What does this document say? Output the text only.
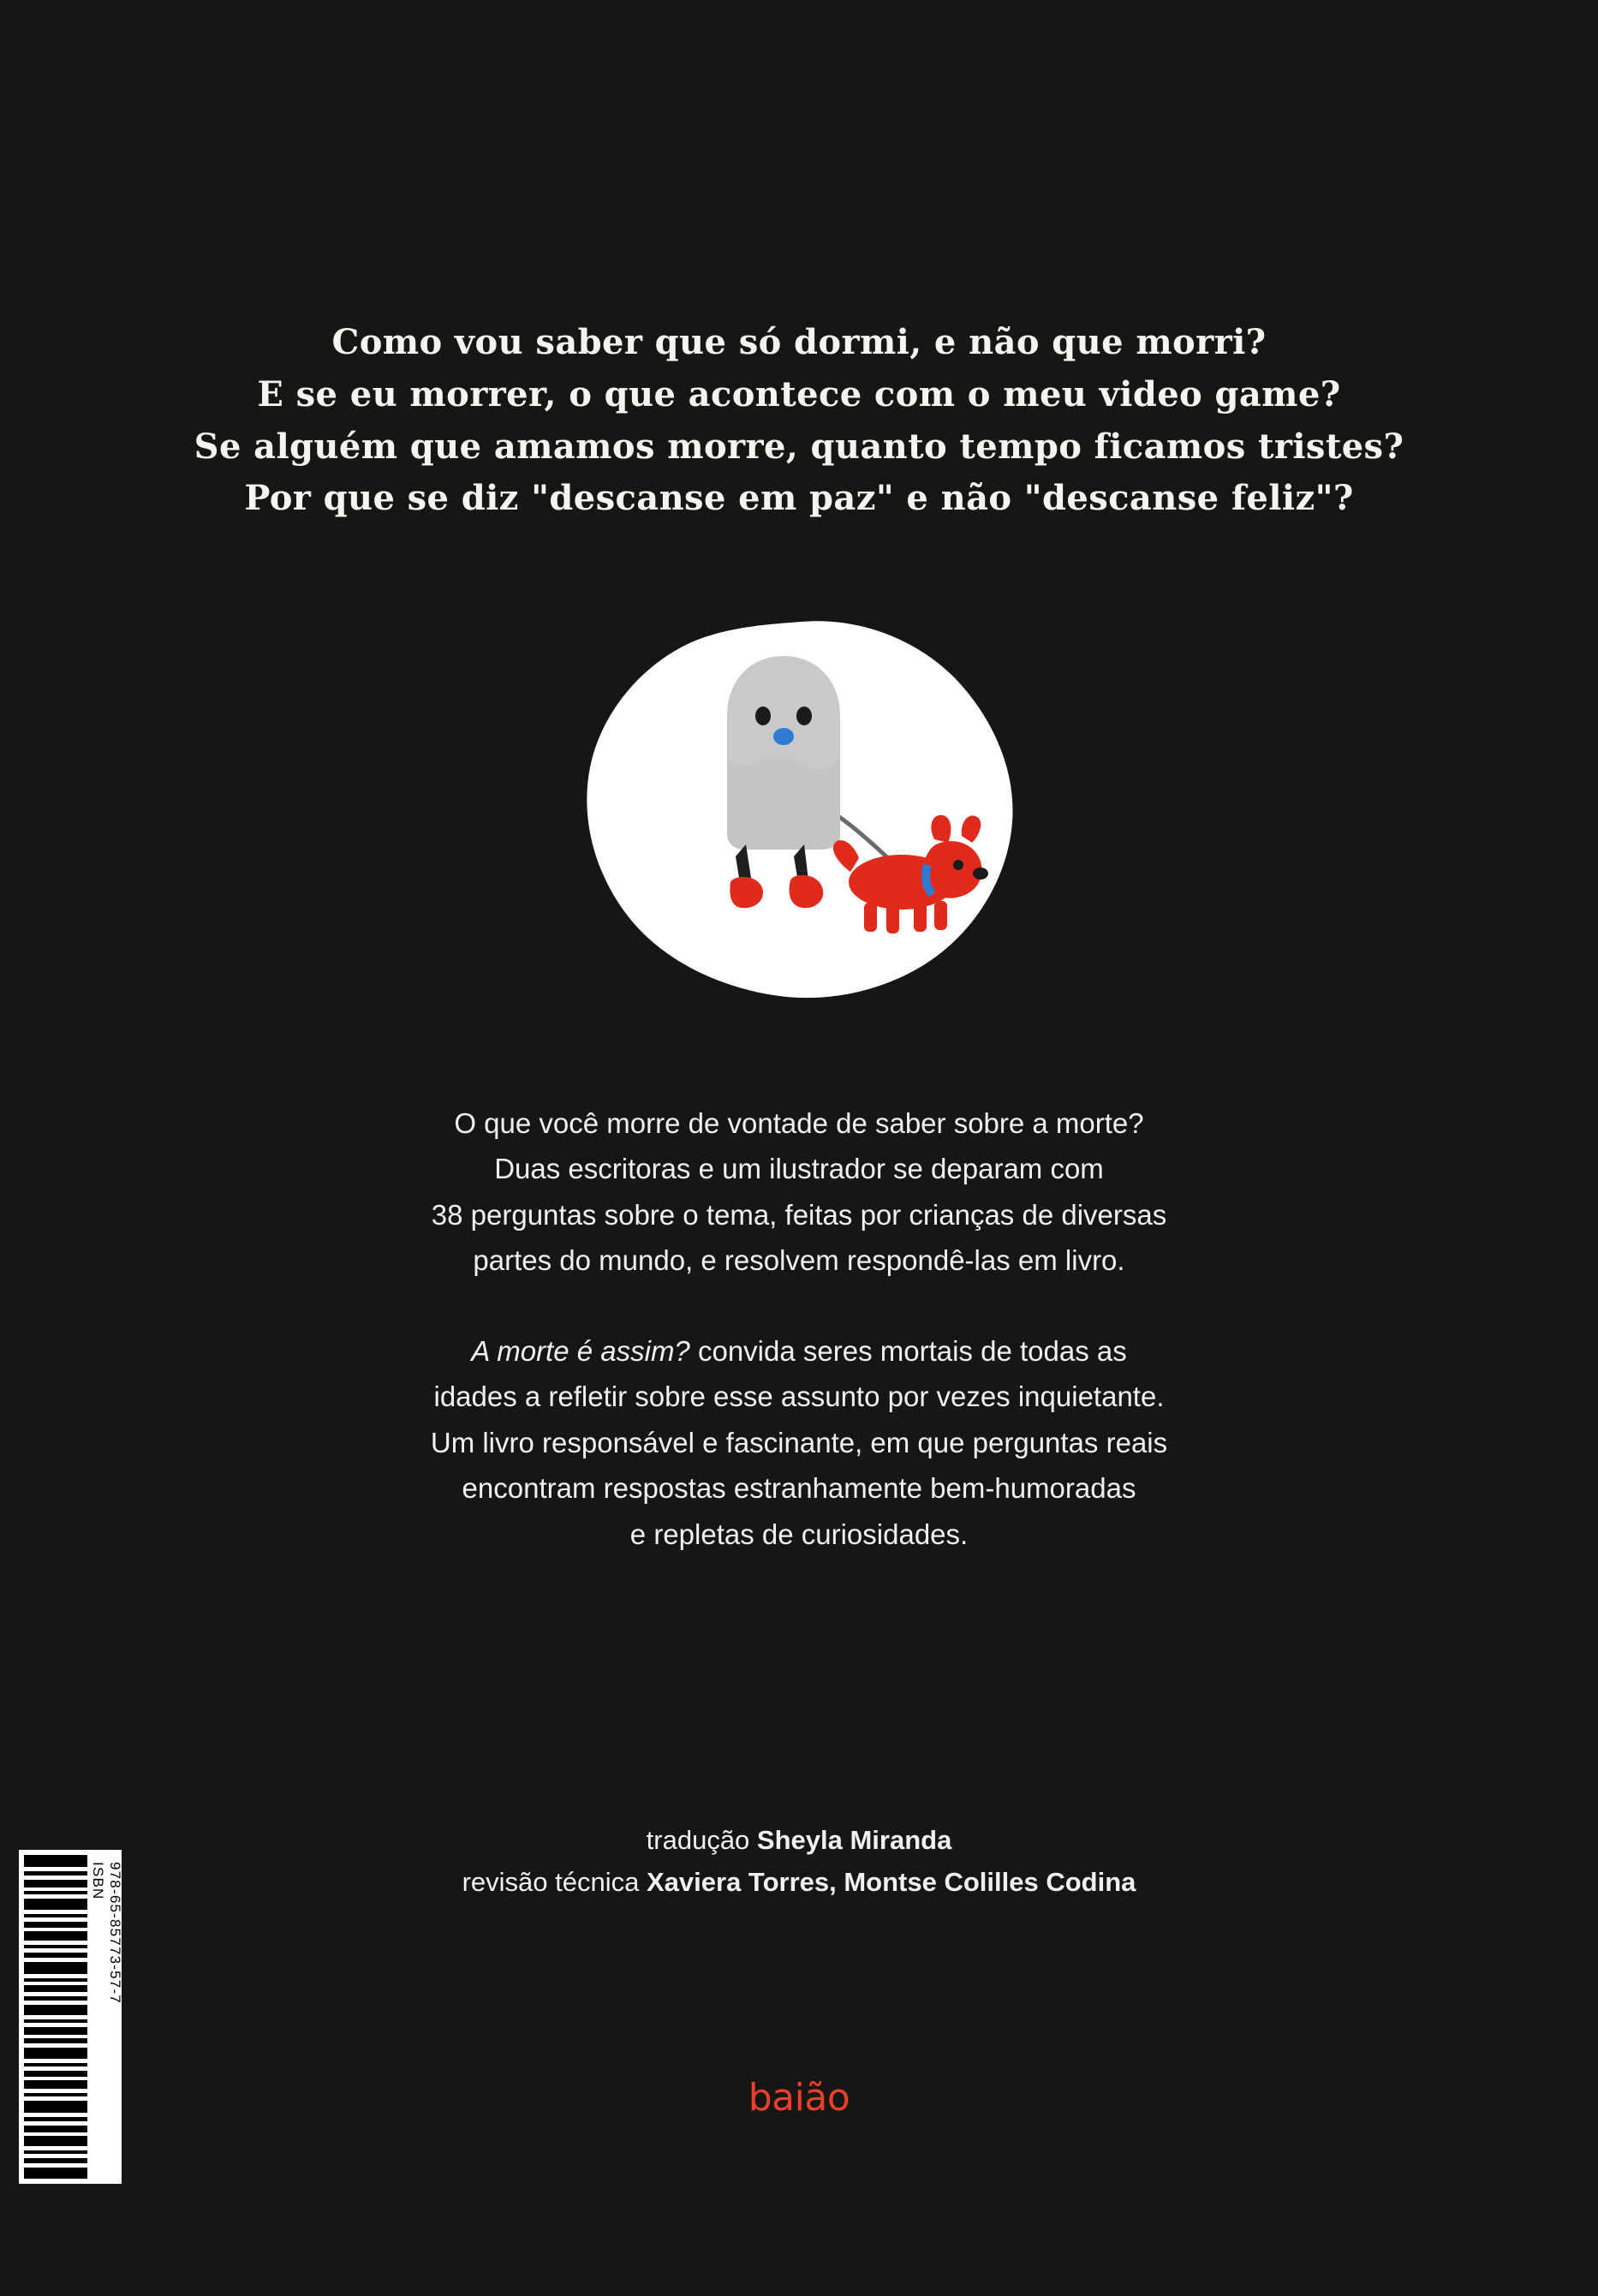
Como vou saber que só dormi, e não que morri?
E se eu morrer, o que acontece com o meu video game?
Se alguém que amamos morre, quanto tempo ficamos tristes?
Por que se diz "descanse em paz" e não "descanse feliz"?

O que você morre de vontade de saber sobre a morte?
Duas escritoras e um ilustrador se deparam com
38 perguntas sobre o tema, feitas por crianças de diversas
partes do mundo, e resolvem respondê-las em livro.

A morte é assim? convida seres mortais de todas as
idades a refletir sobre esse assunto por vezes inquietante.
Um livro responsável e fascinante, em que perguntas reais
encontram respostas estranhamente bem-humoradas
e repletas de curiosidades.

tradução Sheyla Miranda
revisão técnica Xaviera Torres, Montse Colilles Codina
baião
ISBN 978-65-85773-57-7
